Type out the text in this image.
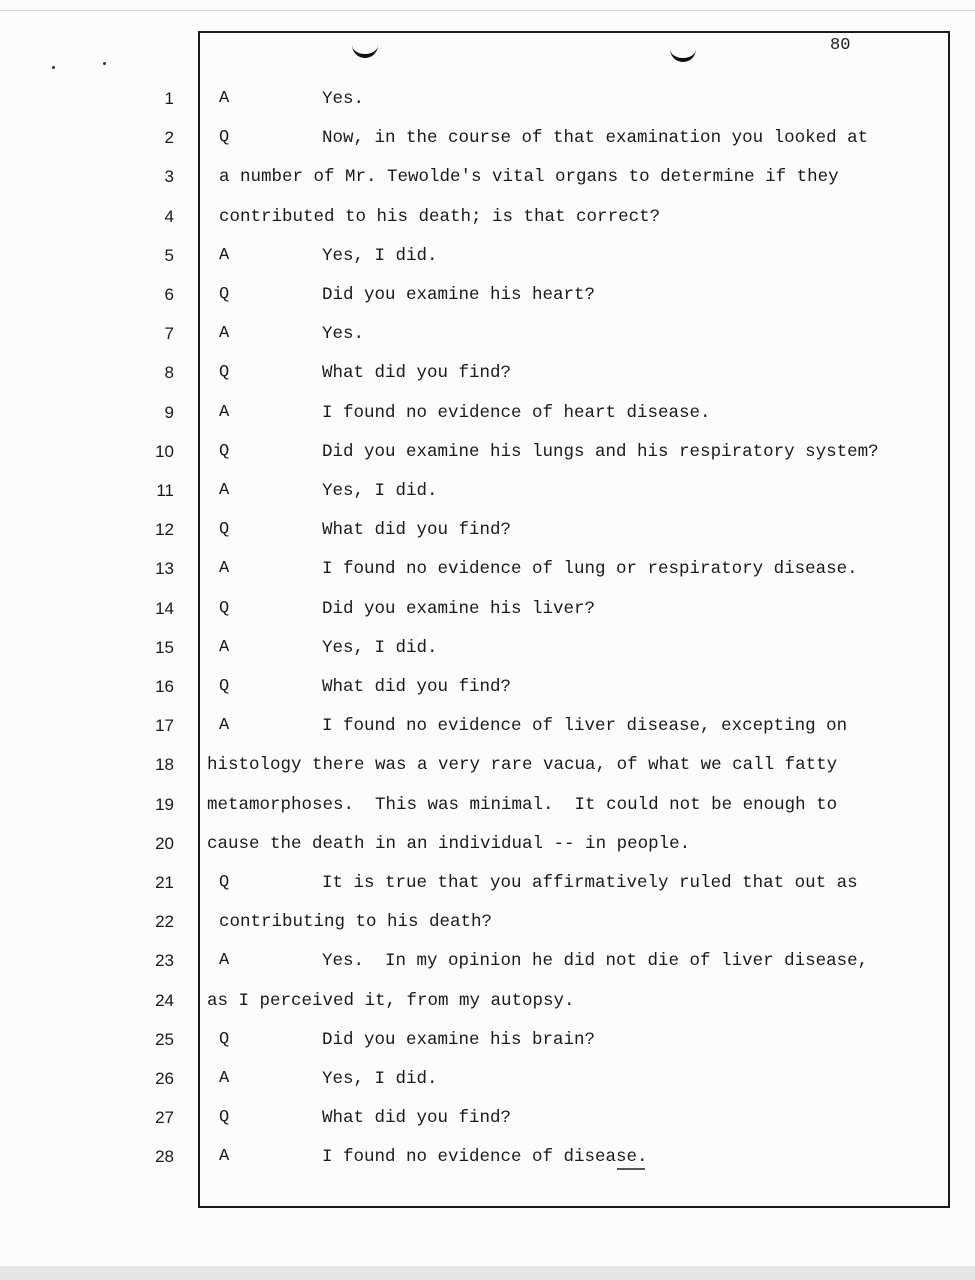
80
1	A	Yes.
2	Q	Now, in the course of that examination you looked at
3	a number of Mr. Tewolde's vital organs to determine if they
4	contributed to his death; is that correct?
5	A	Yes, I did.
6	Q	Did you examine his heart?
7	A	Yes.
8	Q	What did you find?
9	A	I found no evidence of heart disease.
10	Q	Did you examine his lungs and his respiratory system?
11	A	Yes, I did.
12	Q	What did you find?
13	A	I found no evidence of lung or respiratory disease.
14	Q	Did you examine his liver?
15	A	Yes, I did.
16	Q	What did you find?
17	A	I found no evidence of liver disease, excepting on
18 histology there was a very rare vacua, of what we call fatty
19 metamorphoses.  This was minimal.  It could not be enough to
20 cause the death in an individual -- in people.
21	Q	It is true that you affirmatively ruled that out as
22	contributing to his death?
23	A	Yes.  In my opinion he did not die of liver disease,
24 as I perceived it, from my autopsy.
25	Q	Did you examine his brain?
26	A	Yes, I did.
27	Q	What did you find?
28	A	I found no evidence of disease.
